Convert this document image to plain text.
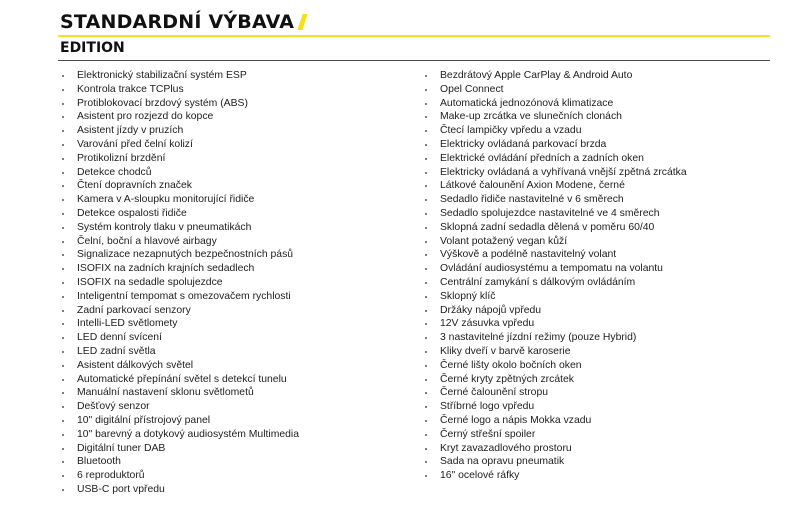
STANDARDNÍ VÝBAVA
EDITION
Elektronický stabilizační systém ESP
Kontrola trakce TCPlus
Protiblokovací brzdový systém (ABS)
Asistent pro rozjezd do kopce
Asistent jízdy v pruzích
Varování před čelní kolizí
Protikolizní brzdění
Detekce chodců
Čtení dopravních značek
Kamera v A-sloupku monitorující řidiče
Detekce ospalosti řidiče
Systém kontroly tlaku v pneumatikách
Čelní, boční a hlavové airbagy
Signalizace nezapnutých bezpečnostních pásů
ISOFIX na zadních krajních sedadlech
ISOFIX na sedadle spolujezdce
Inteligentní tempomat s omezovačem rychlosti
Zadní parkovací senzory
Intelli-LED světlomety
LED denní svícení
LED zadní světla
Asistent dálkových světel
Automatické přepínání světel s detekcí tunelu
Manuální nastavení sklonu světlometů
Dešťový senzor
10" digitální přístrojový panel
10" barevný a dotykový audiosystém Multimedia
Digitální tuner DAB
Bluetooth
6 reproduktorů
USB-C port vpředu
Bezdrátový Apple CarPlay & Android Auto
Opel Connect
Automatická jednozónová klimatizace
Make-up zrcátka ve slunečních clonách
Čtecí lampičky vpředu a vzadu
Elektricky ovládaná parkovací brzda
Elektrické ovládání předních a zadních oken
Elektricky ovládaná a vyhřívaná vnější zpětná zrcátka
Látkové čalounění Axion Modene, černé
Sedadlo řidiče nastavitelné v 6 směrech
Sedadlo spolujezdce nastavitelné ve 4 směrech
Sklopná zadní sedadla dělená v poměru 60/40
Volant potažený vegan kůží
Výškově a podélně nastavitelný volant
Ovládání audiosystému a tempomatu na volantu
Centrální zamykání s dálkovým ovládáním
Sklopný klíč
Držáky nápojů vpředu
12V zásuvka vpředu
3 nastavitelné jízdní režimy (pouze Hybrid)
Kliky dveří v barvě karoserie
Černé lišty okolo bočních oken
Černé kryty zpětných zrcátek
Černé čalounění stropu
Stříbrné logo vpředu
Černé logo a nápis Mokka vzadu
Černý střešní spoiler
Kryt zavazadlového prostoru
Sada na opravu pneumatik
16" ocelové ráfky
